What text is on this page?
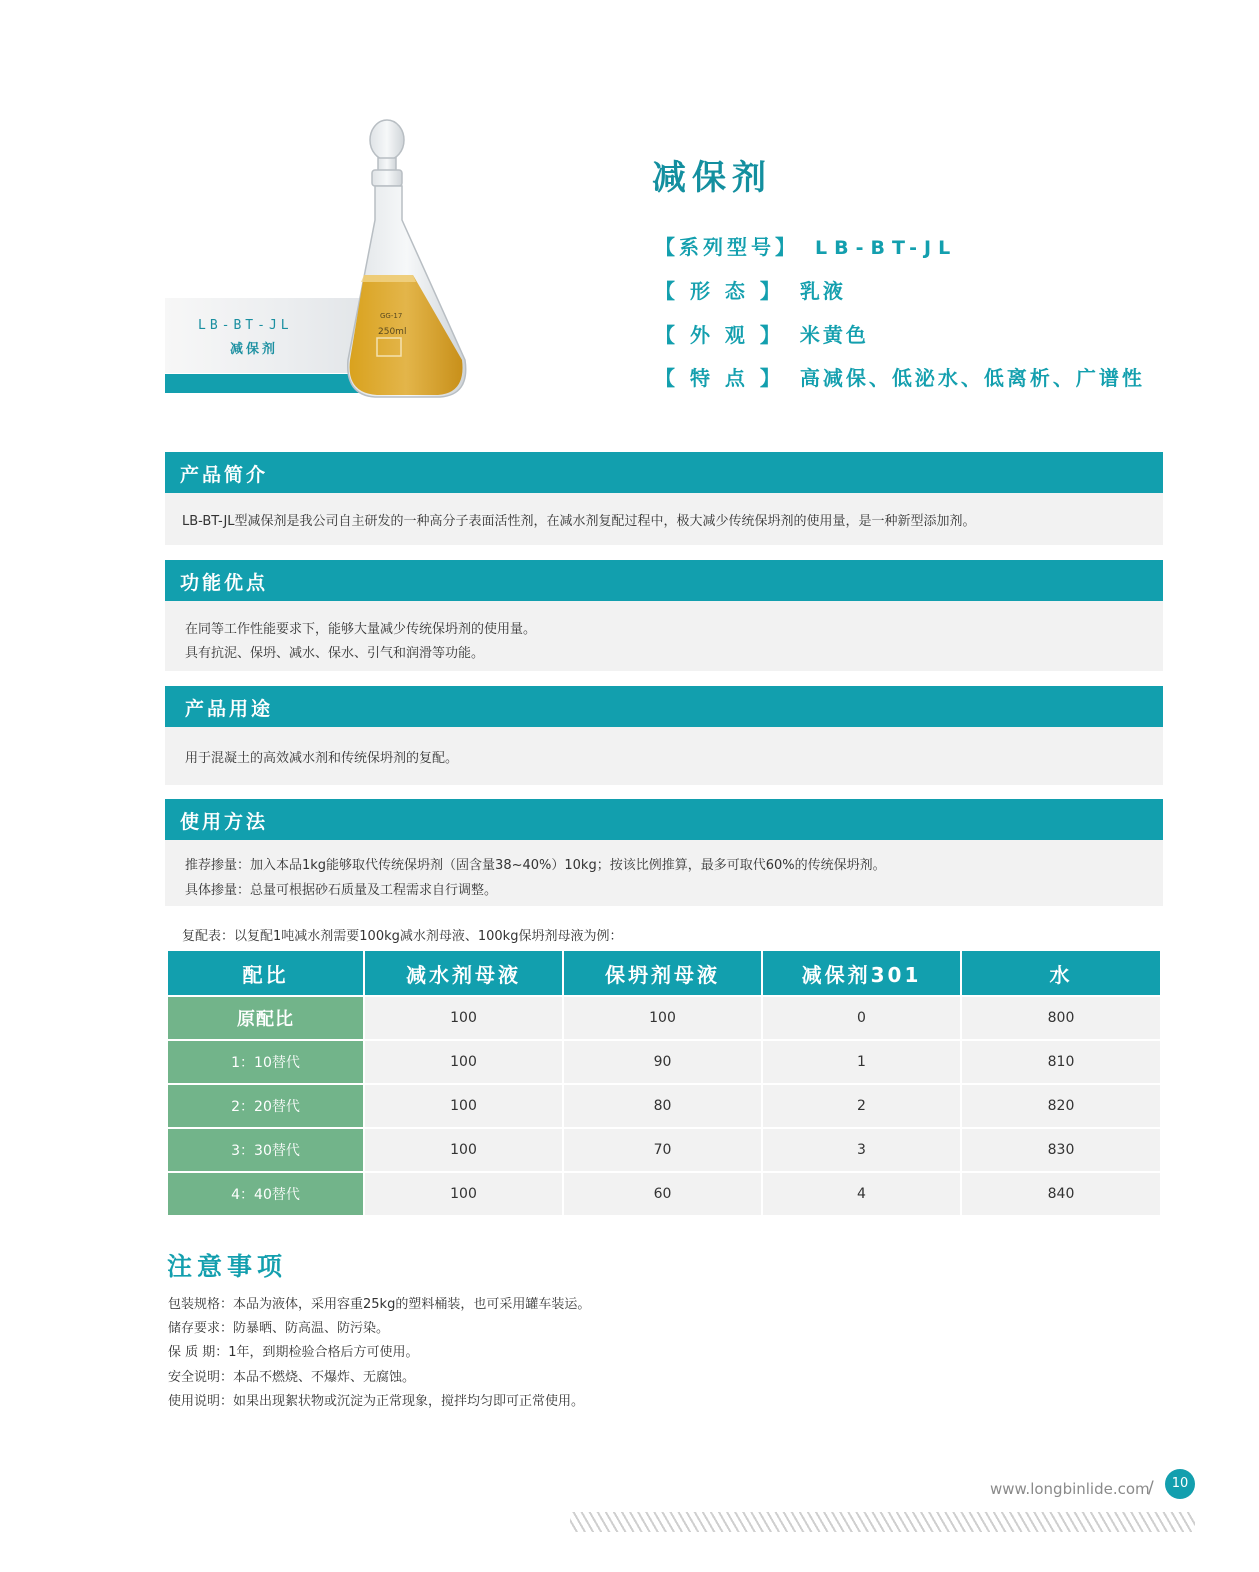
LB-BT-JL
减保剂
250ml
GG-17
减保剂
【系列型号】 LB-BT-JL
【 形 态 】 乳液
【 外 观 】 米黄色
【 特 点 】 高减保、低泌水、低离析、广谱性
产品简介

LB-BT-JL型减保剂是我公司自主研发的一种高分子表面活性剂，在减水剂复配过程中，极大减少传统保坍剂的使用量，是一种新型添加剂。

功能优点

在同等工作性能要求下，能够大量减少传统保坍剂的使用量。

具有抗泥、保坍、减水、保水、引气和润滑等功能。

产品用途

用于混凝土的高效减水剂和传统保坍剂的复配。

使用方法

推荐掺量：加入本品1kg能够取代传统保坍剂（固含量38~40%）10kg；按该比例推算，最多可取代60%的传统保坍剂。

具体掺量：总量可根据砂石质量及工程需求自行调整。

复配表：以复配1吨减水剂需要100kg减水剂母液、100kg保坍剂母液为例：
配比	减水剂母液	保坍剂母液	减保剂301	水
原配比	100	100	0	800
1：10替代	100	90	1	810
2：20替代	100	80	2	820
3：30替代	100	70	3	830
4：40替代	100	60	4	840
注意事项
包装规格：本品为液体，采用容重25kg的塑料桶装，也可采用罐车装运。
储存要求：防暴晒、防高温、防污染。
保 质 期：1年，到期检验合格后方可使用。
安全说明：本品不燃烧、不爆炸、无腐蚀。
使用说明：如果出现絮状物或沉淀为正常现象，搅拌均匀即可正常使用。
www.longbinlide.com
/	10
